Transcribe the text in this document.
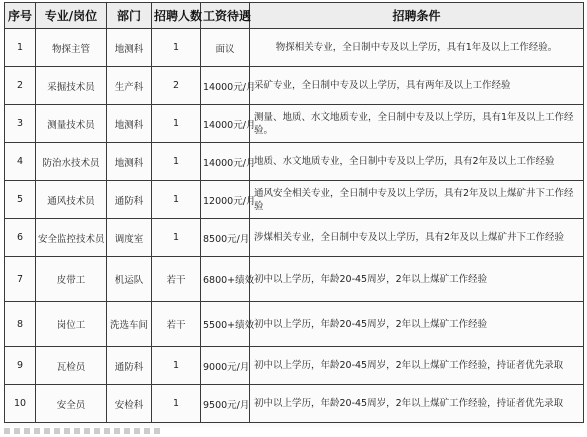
序号	专业/岗位	部门	招聘人数	工资待遇	招聘条件
1	物探主管	地测科	1	面议	物探相关专业，全日制中专及以上学历，具有1年及以上工作经验。
2	采掘技术员	生产科	2	14000元/月	采矿专业，全日制中专及以上学历，具有两年及以上工作经验
3	测量技术员	地测科	1	14000元/月	测量、地质、水文地质专业，全日制中专及以上学历，具有1年及以上工作经验。
4	防治水技术员	地测科	1	14000元/月	地质、水文地质专业，全日制中专及以上学历，具有2年及以上工作经验
5	通风技术员	通防科	1	12000元/月	通风安全相关专业，全日制中专及以上学历，具有2年及以上煤矿井下工作经验
6	安全监控技术员	调度室	1	8500元/月	涉煤相关专业，全日制中专及以上学历，具有2年及以上煤矿井下工作经验
7	皮带工	机运队	若干	6800+绩效	初中以上学历，年龄20-45周岁，2年以上煤矿工作经验
8	岗位工	洗选车间	若干	5500+绩效	初中以上学历，年龄20-45周岁，2年以上煤矿工作经验
9	瓦检员	通防科	1	9000元/月	初中以上学历，年龄20-45周岁，2年以上煤矿工作经验，持证者优先录取
10	安全员	安检科	1	9500元/月	初中以上学历，年龄20-45周岁，2年以上煤矿工作经验，持证者优先录取
